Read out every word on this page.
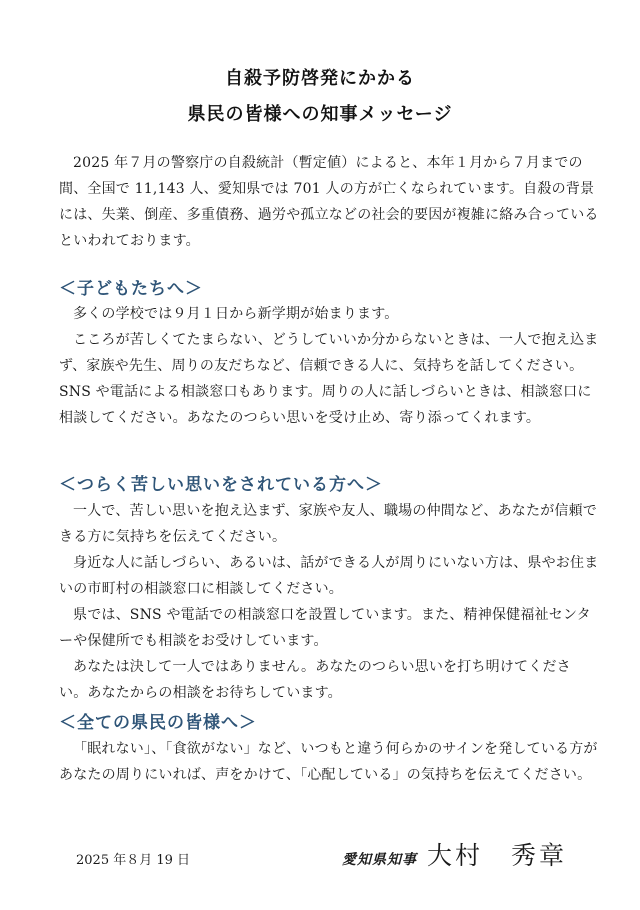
自殺予防啓発にかかる
県民の皆様への知事メッセージ

2025 年７月の警察庁の自殺統計（暫定値）によると、本年１月から７月までの間、全国で 11,143 人、愛知県では 701 人の方が亡くなられています。自殺の背景には、失業、倒産、多重債務、過労や孤立などの社会的要因が複雑に絡み合っているといわれております。

＜子どもたちへ＞

多くの学校では９月１日から新学期が始まります。

こころが苦しくてたまらない、どうしていいか分からないときは、一人で抱え込まず、家族や先生、周りの友だちなど、信頼できる人に、気持ちを話してください。SNS や電話による相談窓口もあります。周りの人に話しづらいときは、相談窓口に相談してください。あなたのつらい思いを受け止め、寄り添ってくれます。

＜つらく苦しい思いをされている方へ＞

一人で、苦しい思いを抱え込まず、家族や友人、職場の仲間など、あなたが信頼できる方に気持ちを伝えてください。

身近な人に話しづらい、あるいは、話ができる人が周りにいない方は、県やお住まいの市町村の相談窓口に相談してください。

県では、SNS や電話での相談窓口を設置しています。また、精神保健福祉センターや保健所でも相談をお受けしています。

あなたは決して一人ではありません。あなたのつらい思いを打ち明けてください。あなたからの相談をお待ちしています。

＜全ての県民の皆様へ＞

「眠れない」、「食欲がない」など、いつもと違う何らかのサインを発している方があなたの周りにいれば、声をかけて、「心配している」の気持ちを伝えてください。

2025 年８月 19 日	愛知県知事 大村　秀章
